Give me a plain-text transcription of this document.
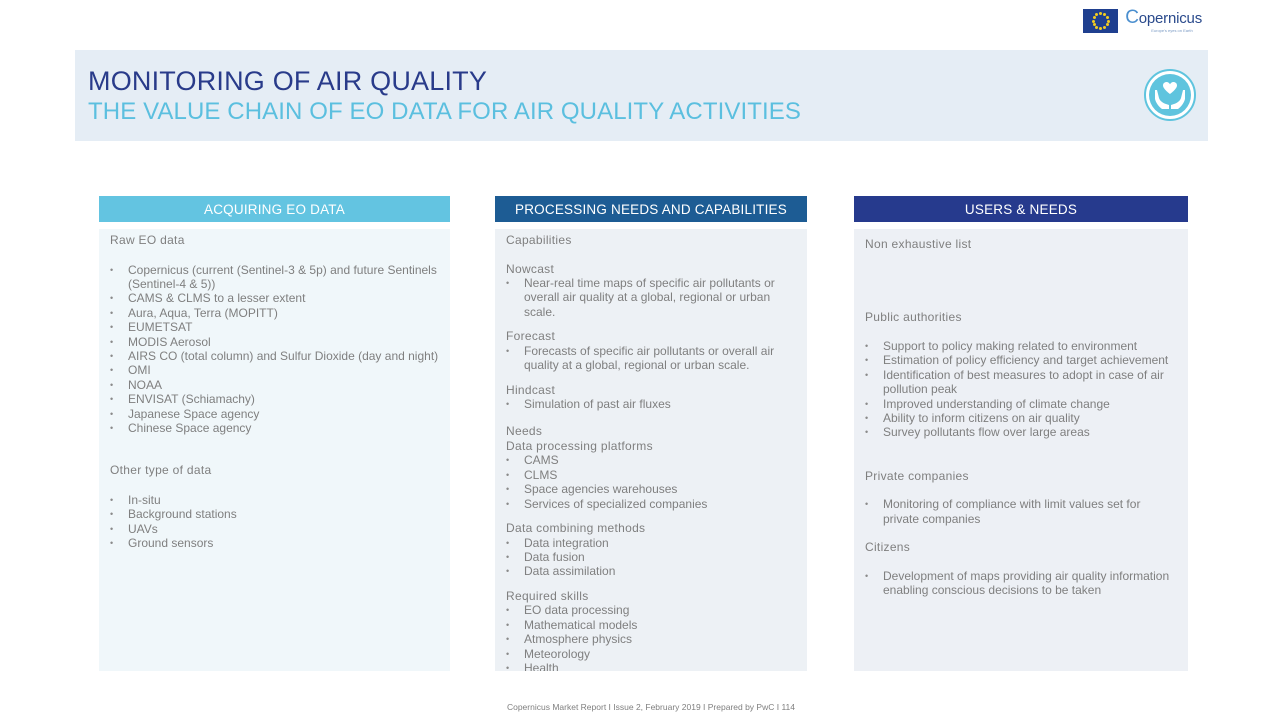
Copernicus
Europe's eyes on Earth
MONITORING OF AIR QUALITY
THE VALUE CHAIN OF EO DATA FOR AIR QUALITY ACTIVITIES
ACQUIRING EO DATA
Raw EO data
• Copernicus (current (Sentinel-3 & 5p) and future Sentinels (Sentinel-4 & 5))
• CAMS & CLMS to a lesser extent
• Aura, Aqua, Terra (MOPITT)
• EUMETSAT
• MODIS Aerosol
• AIRS CO (total column) and Sulfur Dioxide (day and night)
• OMI
• NOAA
• ENVISAT (Schiamachy)
• Japanese Space agency
• Chinese Space agency
Other type of data
• In-situ
• Background stations
• UAVs
• Ground sensors
PROCESSING NEEDS AND CAPABILITIES
Capabilities
Nowcast
• Near-real time maps of specific air pollutants or overall air quality at a global, regional or urban scale.
Forecast
• Forecasts of specific air pollutants or overall air quality at a global, regional or urban scale.
Hindcast
• Simulation of past air fluxes
Needs
Data processing platforms
• CAMS
• CLMS
• Space agencies warehouses
• Services of specialized companies
Data combining methods
• Data integration
• Data fusion
• Data assimilation
Required skills
• EO data processing
• Mathematical models
• Atmosphere physics
• Meteorology
• Health
USERS & NEEDS
Non exhaustive list
Public authorities
• Support to policy making related to environment
• Estimation of policy efficiency and target achievement
• Identification of best measures to adopt in case of air pollution peak
• Improved understanding of climate change
• Ability to inform citizens on air quality
• Survey pollutants flow over large areas
Private companies
• Monitoring of compliance with limit values set for private companies
Citizens
• Development of maps providing air quality information enabling conscious decisions to be taken
Copernicus Market Report I Issue 2, February 2019 I Prepared by PwC I 114
